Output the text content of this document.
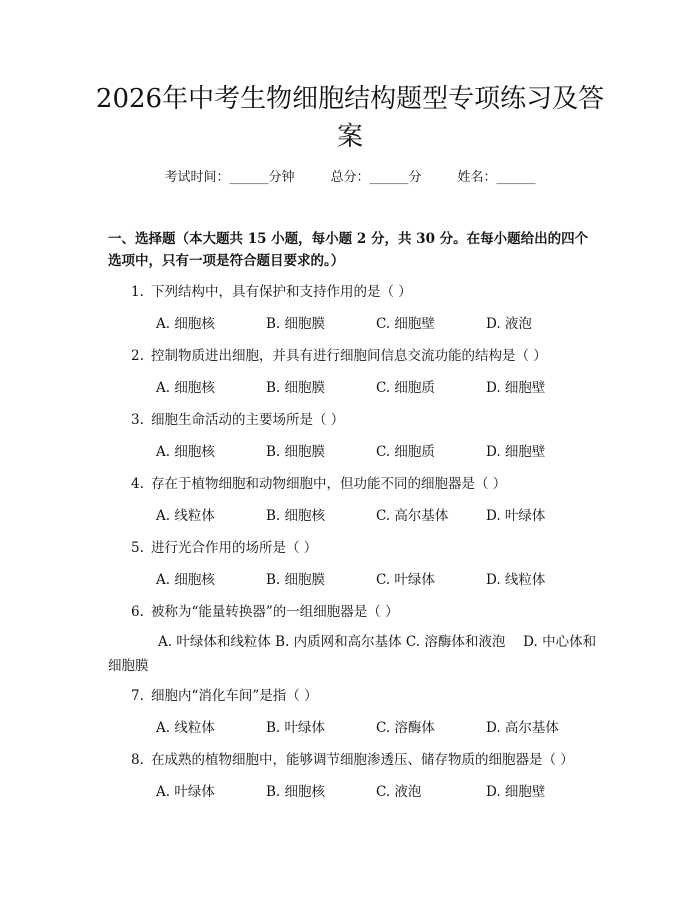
2026年中考生物细胞结构题型专项练习及答案
考试时间：______分钟	总分：______分	姓名：______

一、选择题（本大题共 15 小题，每小题 2 分，共 30 分。在每小题给出的四个选项中，只有一项是符合题目要求的。）

1. 下列结构中，具有保护和支持作用的是（ ）
A. 细胞核	B. 细胞膜	C. 细胞壁	D. 液泡
2. 控制物质进出细胞，并具有进行细胞间信息交流功能的结构是（ ）
A. 细胞核	B. 细胞膜	C. 细胞质	D. 细胞壁
3. 细胞生命活动的主要场所是（ ）
A. 细胞核	B. 细胞膜	C. 细胞质	D. 细胞壁
4. 存在于植物细胞和动物细胞中，但功能不同的细胞器是（ ）
A. 线粒体	B. 细胞核	C. 高尔基体	D. 叶绿体
5. 进行光合作用的场所是（ ）
A. 细胞核	B. 细胞膜	C. 叶绿体	D. 线粒体
6. 被称为“能量转换器”的一组细胞器是（ ）
A. 叶绿体和线粒体 B. 内质网和高尔基体 C. 溶酶体和液泡　 D. 中心体和细胞膜
7. 细胞内“消化车间”是指（ ）
A. 线粒体	B. 叶绿体	C. 溶酶体	D. 高尔基体
8. 在成熟的植物细胞中，能够调节细胞渗透压、储存物质的细胞器是（ ）
A. 叶绿体	B. 细胞核	C. 液泡	D. 细胞壁
